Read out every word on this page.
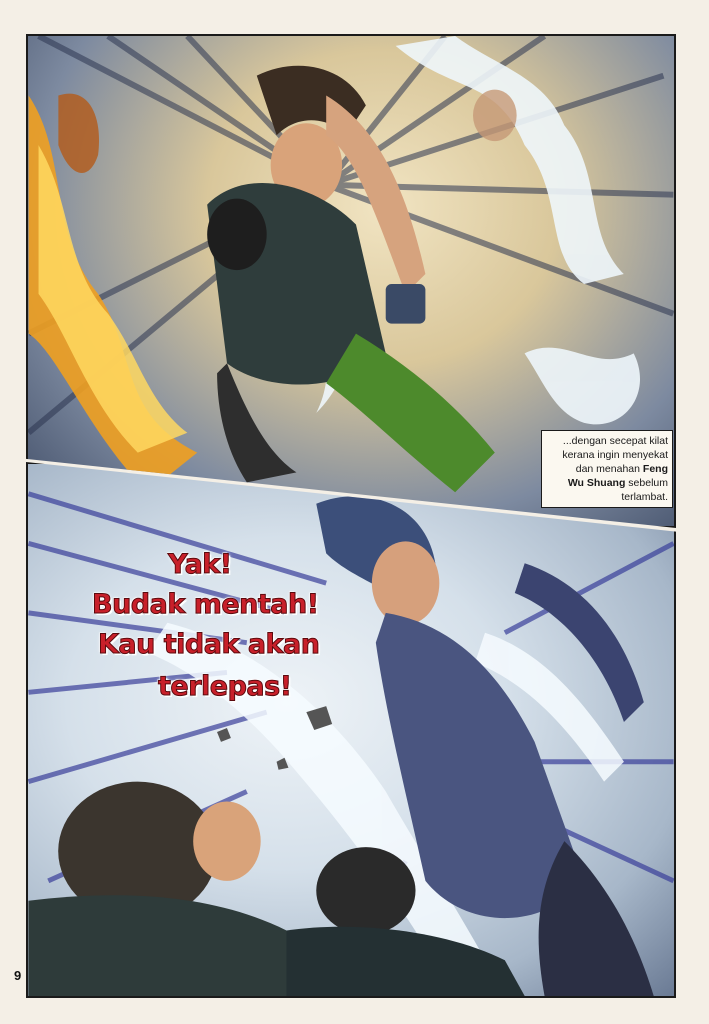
...dengan secepat kilat
kerana ingin menyekat
dan menahan Feng
Wu Shuang sebelum
terlambat.
Yak!
Budak mentah!
Kau tidak akan
terlepas!
9
